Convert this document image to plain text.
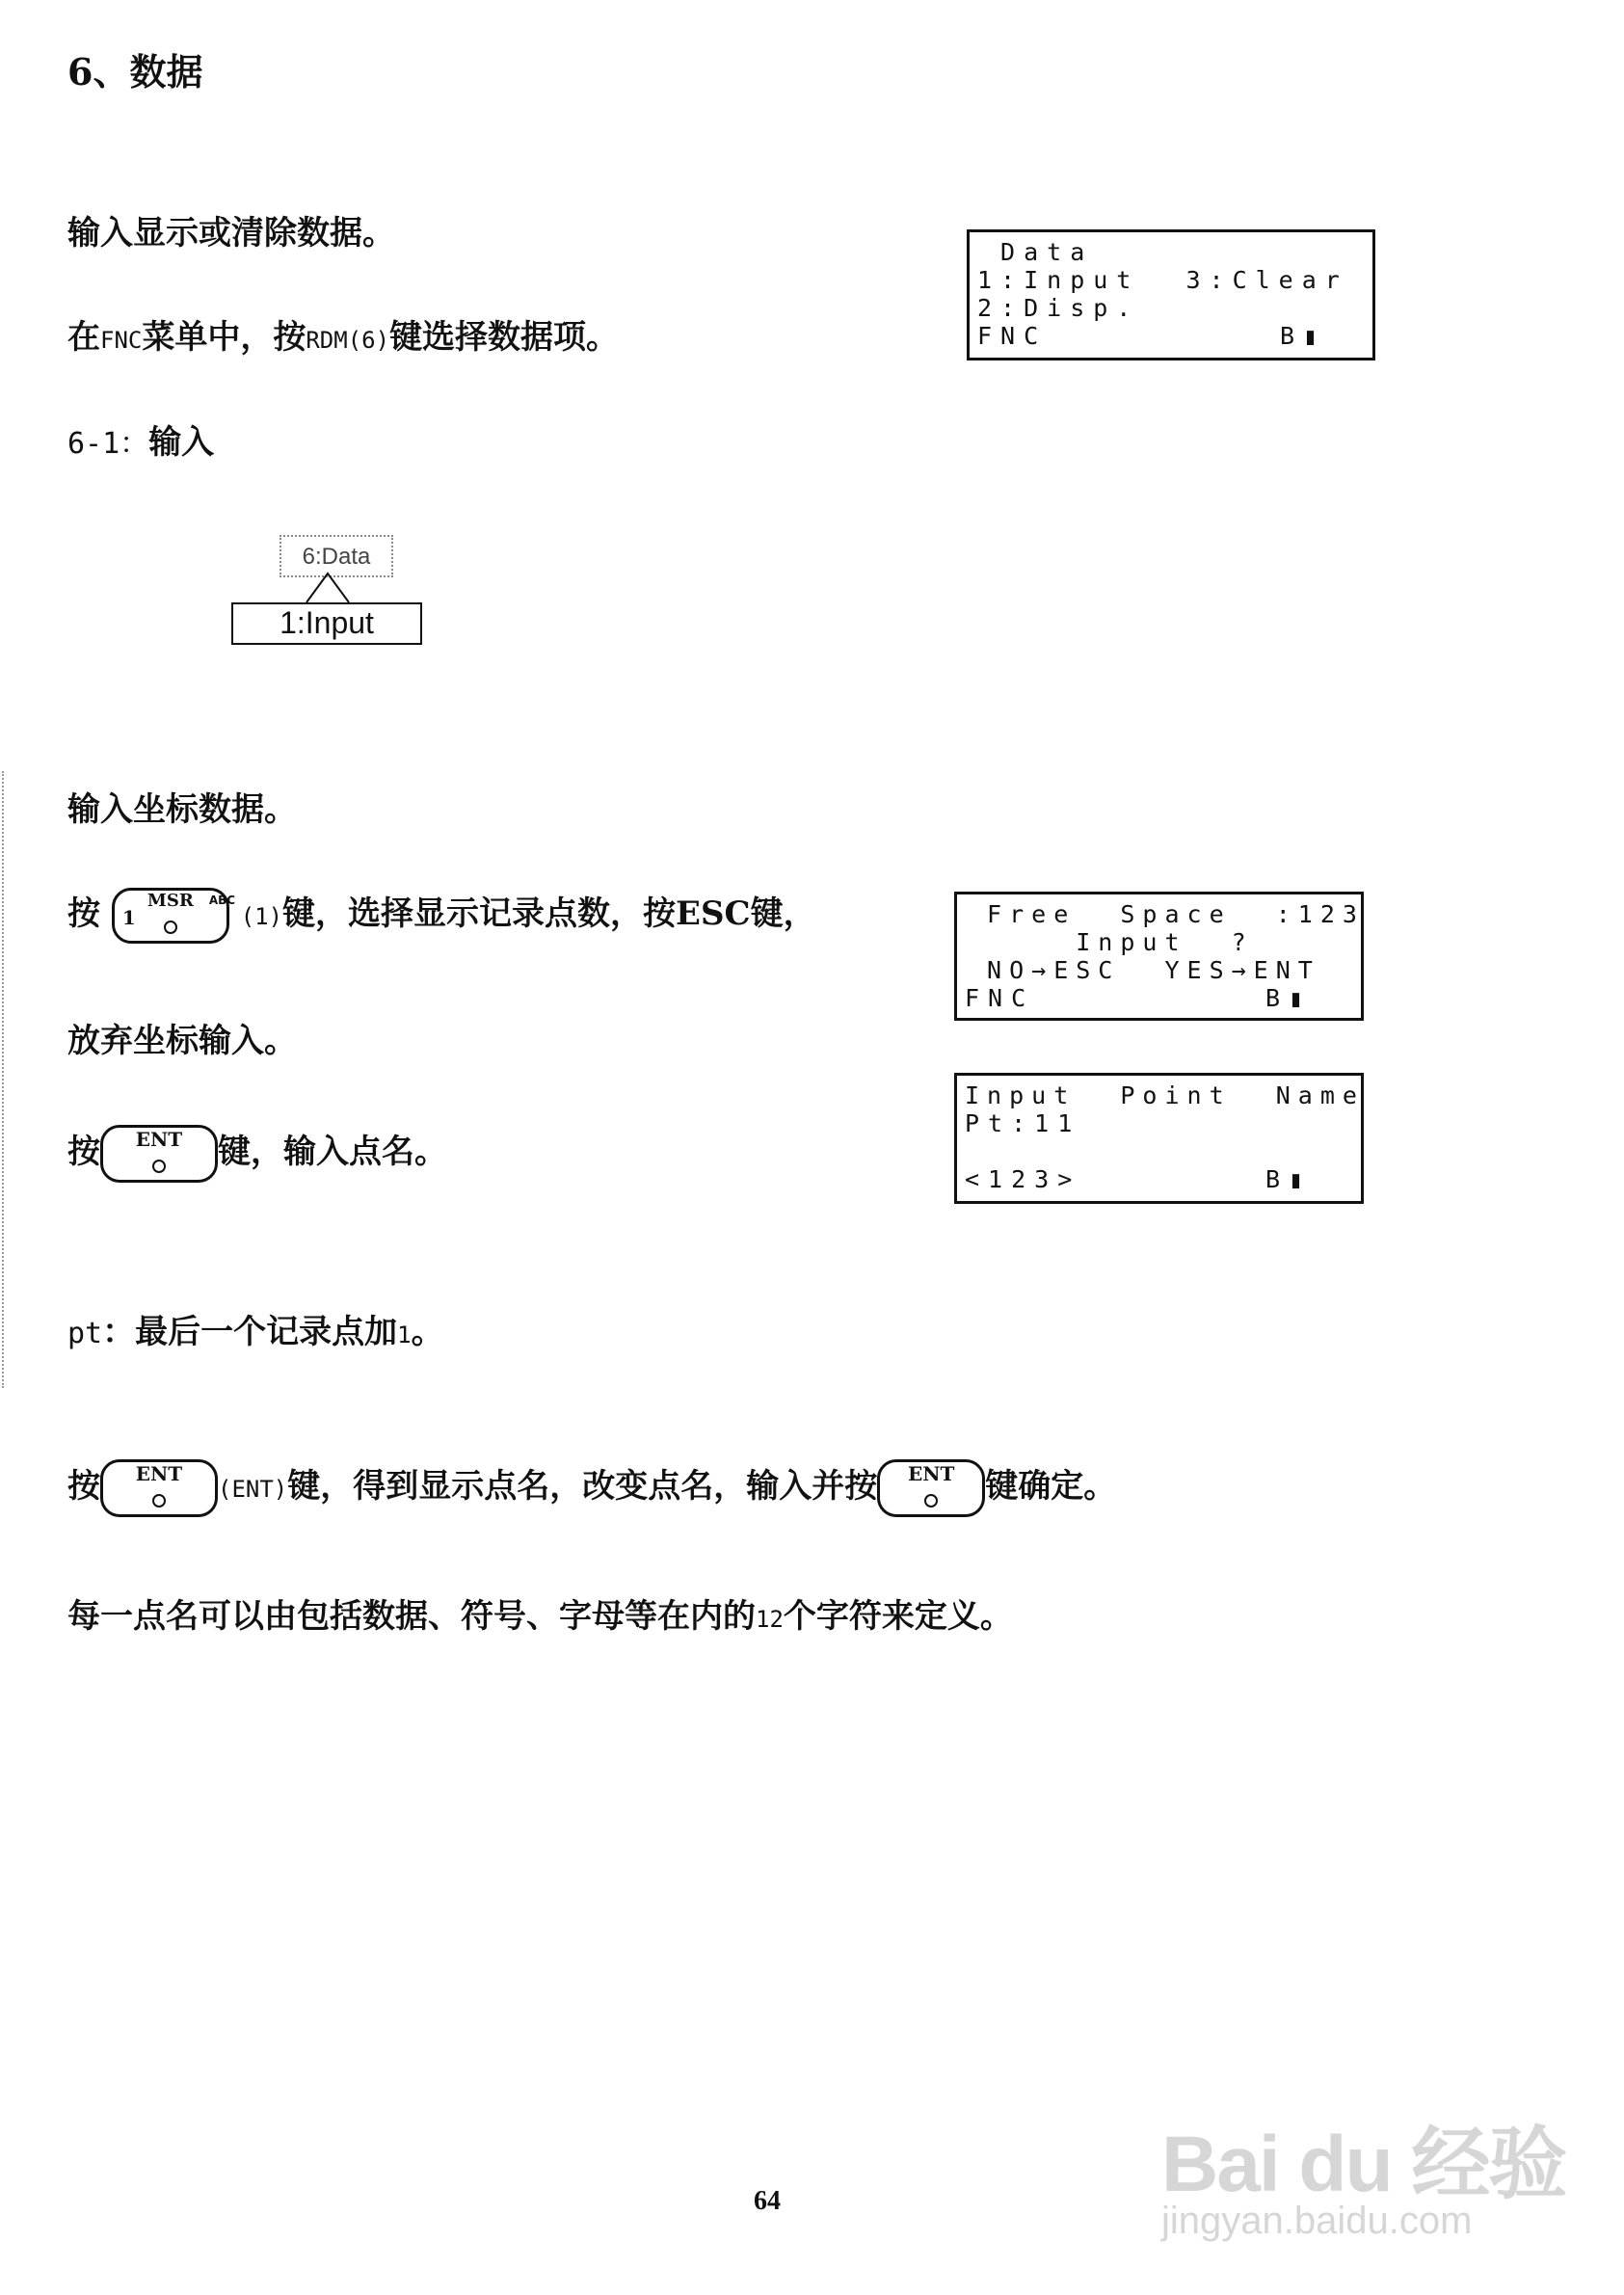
6、数据
输入显示或清除数据。
在FNC菜单中，按RDM(6)键选择数据项。
6-1：输入
6:Data
1:Input
输入坐标数据。
按	MSR
1
ABC
(1)键，选择显示记录点数，按ESC键，
放弃坐标输入。
按	ENT	键，输入点名。
pt：最后一个记录点加1。
按	ENT
(ENT)键，得到显示点名，改变点名，输入并按	ENT 键确定。
每一点名可以由包括数据、符号、字母等在内的12个字符来定义。
Data
1:Input  3:Clear
2:Disp.
FNC	B▮
Free  Space  :123
Input  ?
NO→ESC  YES→ENT
FNC	B▮
Input  Point  Name
Pt:11
<123>	B▮
64	Bai du 经验
jingyan.baidu.com
